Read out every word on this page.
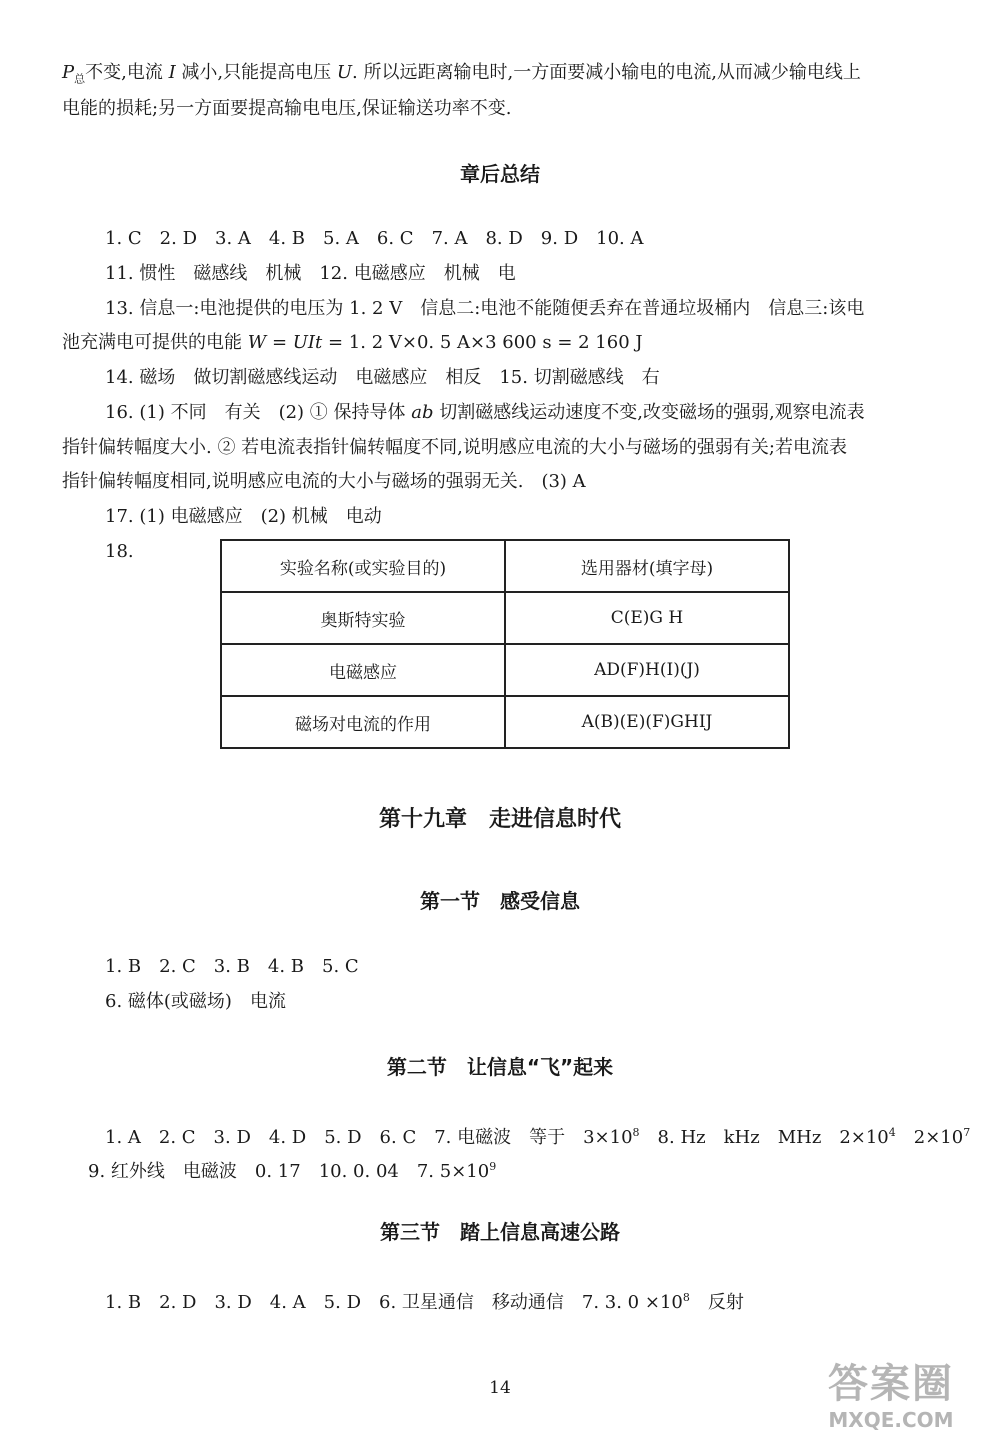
$P_总$不变,电流 I 减小,只能提高电压 U. 所以远距离输电时,一方面要减小输电的电流,从而减少输电线上
电能的损耗;另一方面要提高输电电压,保证输送功率不变.
章后总结
1. C　2. D　3. A　4. B　5. A　6. C　7. A　8. D　9. D　10. A
11. 惯性　磁感线　机械　12. 电磁感应　机械　电
13. 信息一:电池提供的电压为 1. 2 V　信息二:电池不能随便丢弃在普通垃圾桶内　信息三:该电
池充满电可提供的电能 W = UIt = 1. 2 V×0. 5 A×3 600 s = 2 160 J
14. 磁场　做切割磁感线运动　电磁感应　相反　15. 切割磁感线　右
16. (1) 不同　有关　(2) ① 保持导体 ab 切割磁感线运动速度不变,改变磁场的强弱,观察电流表
指针偏转幅度大小. ② 若电流表指针偏转幅度不同,说明感应电流的大小与磁场的强弱有关;若电流表
指针偏转幅度相同,说明感应电流的大小与磁场的强弱无关.　(3) A
17. (1) 电磁感应　(2) 机械　电动
18.
实验名称(或实验目的)	选用器材(填字母)
奥斯特实验	C(E)G H
电磁感应	AD(F)H(I)(J)
磁场对电流的作用	A(B)(E)(F)GHIJ
第十九章　走进信息时代
第一节　感受信息
1. B　2. C　3. B　4. B　5. C
6. 磁体(或磁场)　电流
第二节　让信息“飞”起来
1. A　2. C　3. D　4. D　5. D　6. C　7. 电磁波　等于　$3\times 10^8$　8. Hz　kHz　MHz　$2\times 10^4$　$2\times 10^7$
9. 红外线　电磁波　0. 17　10. 0. 04　7. $5\times 10^9$
第三节　踏上信息高速公路
1. B　2. D　3. D　4. A　5. D　6. 卫星通信　移动通信　7. 3. $0 \times 10^8$　反射
14	答案圈
MXQE.COM
